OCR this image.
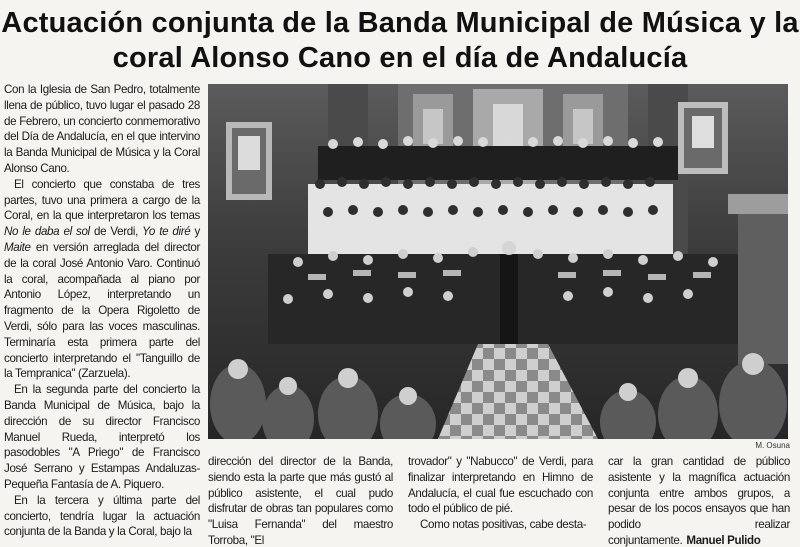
Actuación conjunta de la Banda Municipal de Música y la coral Alonso Cano en el día de Andalucía

Con la Iglesia de San Pedro, totalmente llena de público, tuvo lugar el pasado 28 de Febrero, un concierto conmemorativo del Día de Andalucía, en el que intervino la Banda Municipal de Música y la Coral Alonso Cano.

El concierto que constaba de tres partes, tuvo una primera a cargo de la Coral, en la que interpretaron los temas No le daba el sol de Verdi, Yo te diré y Maite en versión arreglada del director de la coral José Antonio Varo. Continuó la coral, acompañada al piano por Antonio López, interpretando un fragmento de la Opera Rigoletto de Verdi, sólo para las voces masculinas. Terminaría esta primera parte del concierto interpretando el "Tanguillo de la Tempranica" (Zarzuela).

En la segunda parte del concierto la Banda Municipal de Música, bajo la dirección de su director Francisco Manuel Rueda, interpretó los pasodobles "A Priego" de Francisco José Serrano y Estampas Andaluzas-Pequeña Fantasía de A. Piquero.

En la tercera y última parte del concierto, tendría lugar la actuación conjunta de la Banda y la Coral, bajo la

M. Osuna

dirección del director de la Banda, siendo esta la parte que más gustó al público asistente, el cual pudo disfrutar de obras tan populares como "Luisa Fernanda" del maestro Torroba, "El

trovador" y "Nabucco" de Verdi, para finalizar interpretando en Himno de Andalucía, el cual fue escuchado con todo el público de pié.

Como notas positivas, cabe desta-

car la gran cantidad de público asistente y la magnífica actuación conjunta entre ambos grupos, a pesar de los pocos ensayos que han podido realizar conjuntamente. Manuel Pulido
